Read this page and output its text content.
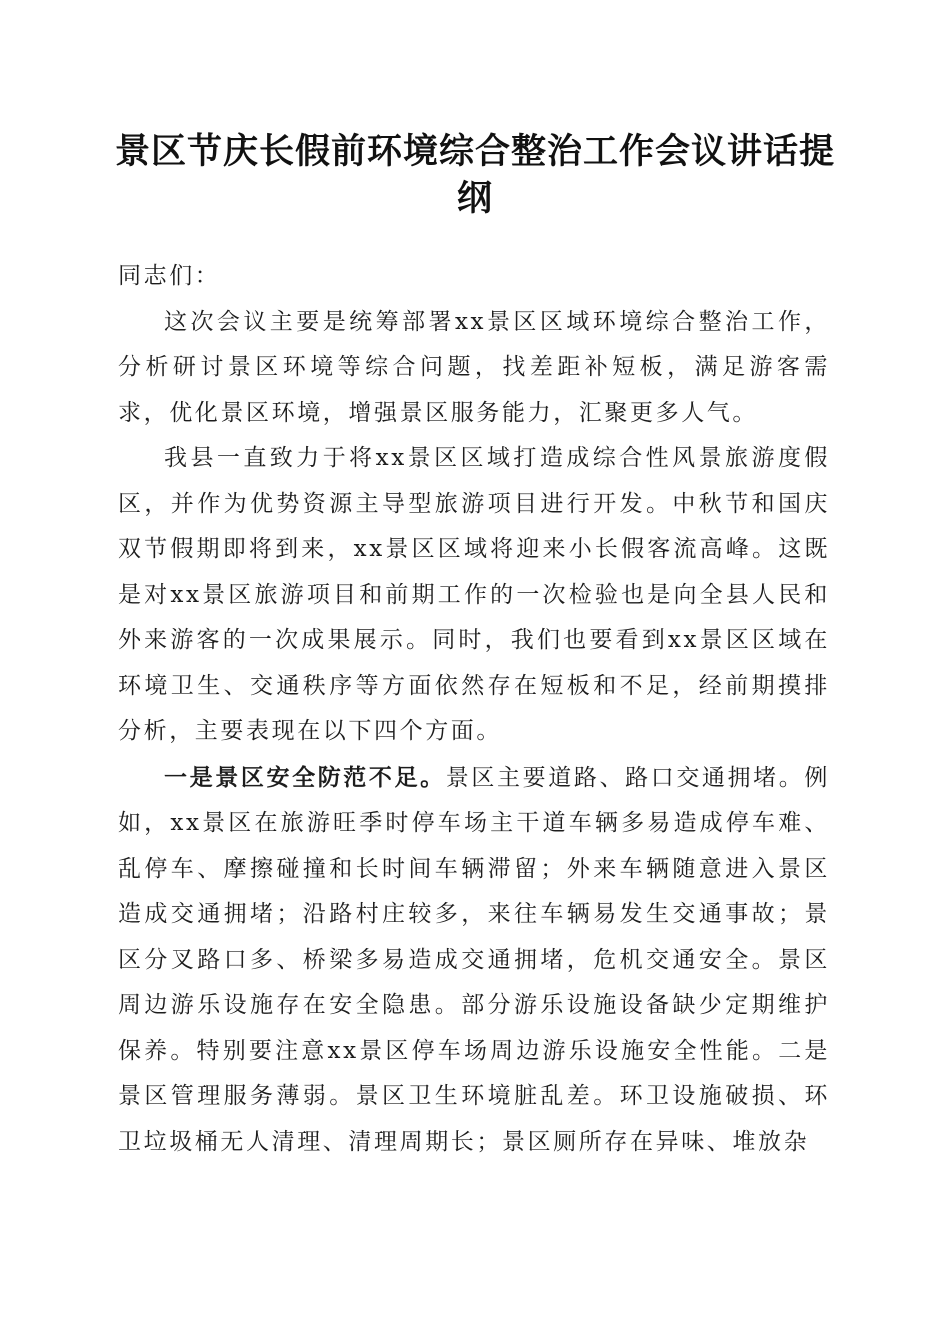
景区节庆长假前环境综合整治工作会议讲话提纲

同志们：

这次会议主要是统筹部署xx景区区域环境综合整治工作，分析研讨景区环境等综合问题，找差距补短板，满足游客需求，优化景区环境，增强景区服务能力，汇聚更多人气。

我县一直致力于将xx景区区域打造成综合性风景旅游度假区，并作为优势资源主导型旅游项目进行开发。中秋节和国庆双节假期即将到来，xx景区区域将迎来小长假客流高峰。这既是对xx景区旅游项目和前期工作的一次检验也是向全县人民和外来游客的一次成果展示。同时，我们也要看到xx景区区域在环境卫生、交通秩序等方面依然存在短板和不足，经前期摸排分析，主要表现在以下四个方面。

一是景区安全防范不足。景区主要道路、路口交通拥堵。例如，xx景区在旅游旺季时停车场主干道车辆多易造成停车难、乱停车、摩擦碰撞和长时间车辆滞留；外来车辆随意进入景区造成交通拥堵；沿路村庄较多，来往车辆易发生交通事故；景区分叉路口多、桥梁多易造成交通拥堵，危机交通安全。景区周边游乐设施存在安全隐患。部分游乐设施设备缺少定期维护保养。特别要注意xx景区停车场周边游乐设施安全性能。二是景区管理服务薄弱。景区卫生环境脏乱差。环卫设施破损、环卫垃圾桶无人清理、清理周期长；景区厕所存在异味、堆放杂
